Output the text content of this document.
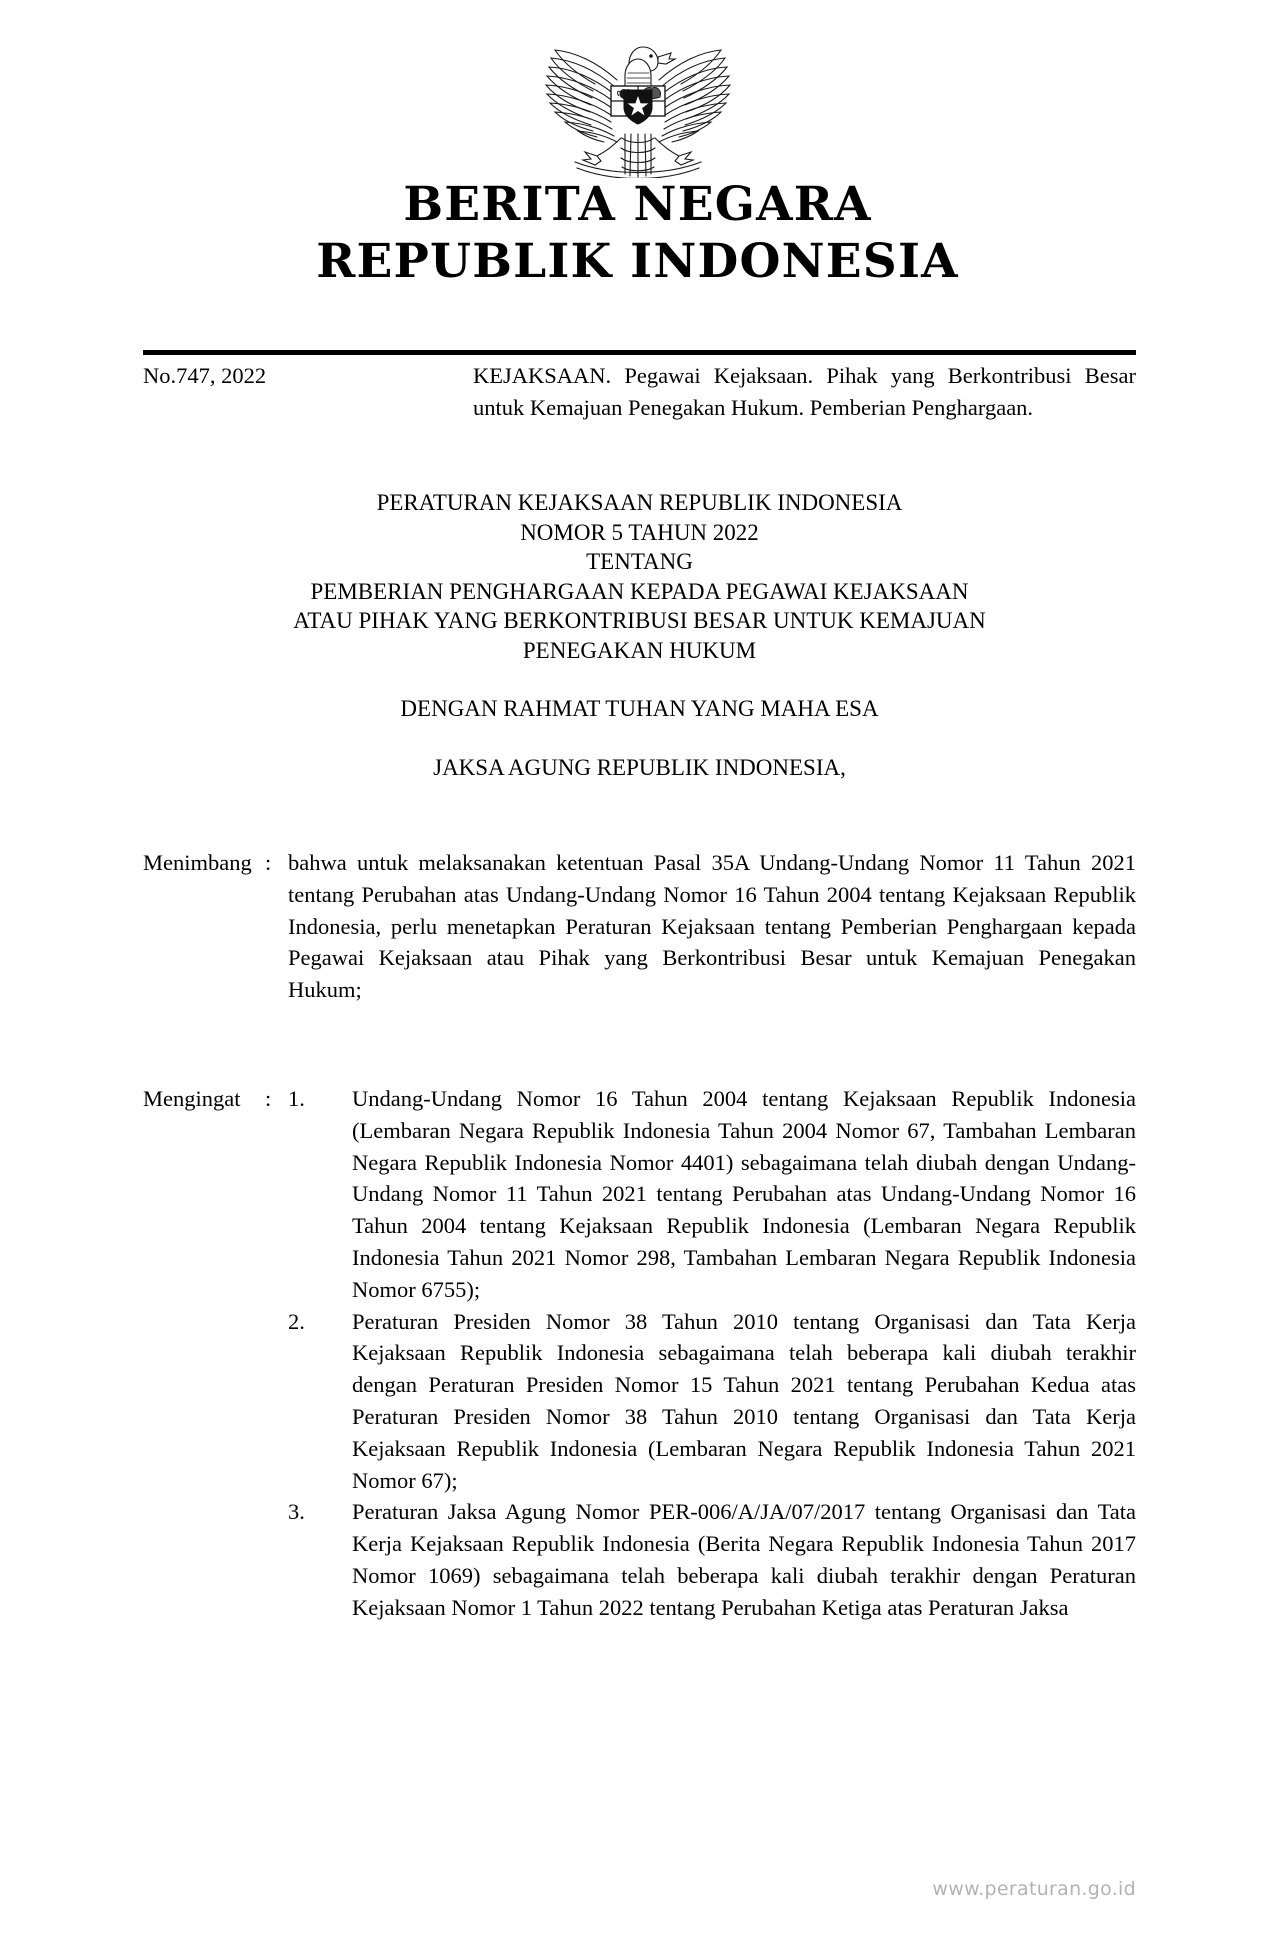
BERITA NEGARA
REPUBLIK INDONESIA
No.747, 2022	KEJAKSAAN. Pegawai Kejaksaan. Pihak yang Berkontribusi Besar untuk Kemajuan Penegakan Hukum. Pemberian Penghargaan.
PERATURAN KEJAKSAAN REPUBLIK INDONESIA
NOMOR 5 TAHUN 2022
TENTANG
PEMBERIAN PENGHARGAAN KEPADA PEGAWAI KEJAKSAAN
ATAU PIHAK YANG BERKONTRIBUSI BESAR UNTUK KEMAJUAN
PENEGAKAN HUKUM
DENGAN RAHMAT TUHAN YANG MAHA ESA
JAKSA AGUNG REPUBLIK INDONESIA,
Menimbang : bahwa untuk melaksanakan ketentuan Pasal 35A Undang-Undang Nomor 11 Tahun 2021 tentang Perubahan atas Undang-Undang Nomor 16 Tahun 2004 tentang Kejaksaan Republik Indonesia, perlu menetapkan Peraturan Kejaksaan tentang Pemberian Penghargaan kepada Pegawai Kejaksaan atau Pihak yang Berkontribusi Besar untuk Kemajuan Penegakan Hukum;
Mengingat	: 1.	Undang-Undang Nomor 16 Tahun 2004 tentang Kejaksaan Republik Indonesia (Lembaran Negara Republik Indonesia Tahun 2004 Nomor 67, Tambahan Lembaran Negara Republik Indonesia Nomor 4401) sebagaimana telah diubah dengan Undang-Undang Nomor 11 Tahun 2021 tentang Perubahan atas Undang-Undang Nomor 16 Tahun 2004 tentang Kejaksaan Republik Indonesia (Lembaran Negara Republik Indonesia Tahun 2021 Nomor 298, Tambahan Lembaran Negara Republik Indonesia Nomor 6755);
2.	Peraturan Presiden Nomor 38 Tahun 2010 tentang Organisasi dan Tata Kerja Kejaksaan Republik Indonesia sebagaimana telah beberapa kali diubah terakhir dengan Peraturan Presiden Nomor 15 Tahun 2021 tentang Perubahan Kedua atas Peraturan Presiden Nomor 38 Tahun 2010 tentang Organisasi dan Tata Kerja Kejaksaan Republik Indonesia (Lembaran Negara Republik Indonesia Tahun 2021 Nomor 67);
3.	Peraturan Jaksa Agung Nomor PER-006/A/JA/07/2017 tentang Organisasi dan Tata Kerja Kejaksaan Republik Indonesia (Berita Negara Republik Indonesia Tahun 2017 Nomor 1069) sebagaimana telah beberapa kali diubah terakhir dengan Peraturan Kejaksaan Nomor 1 Tahun 2022 tentang Perubahan Ketiga atas Peraturan Jaksa
www.peraturan.go.id
